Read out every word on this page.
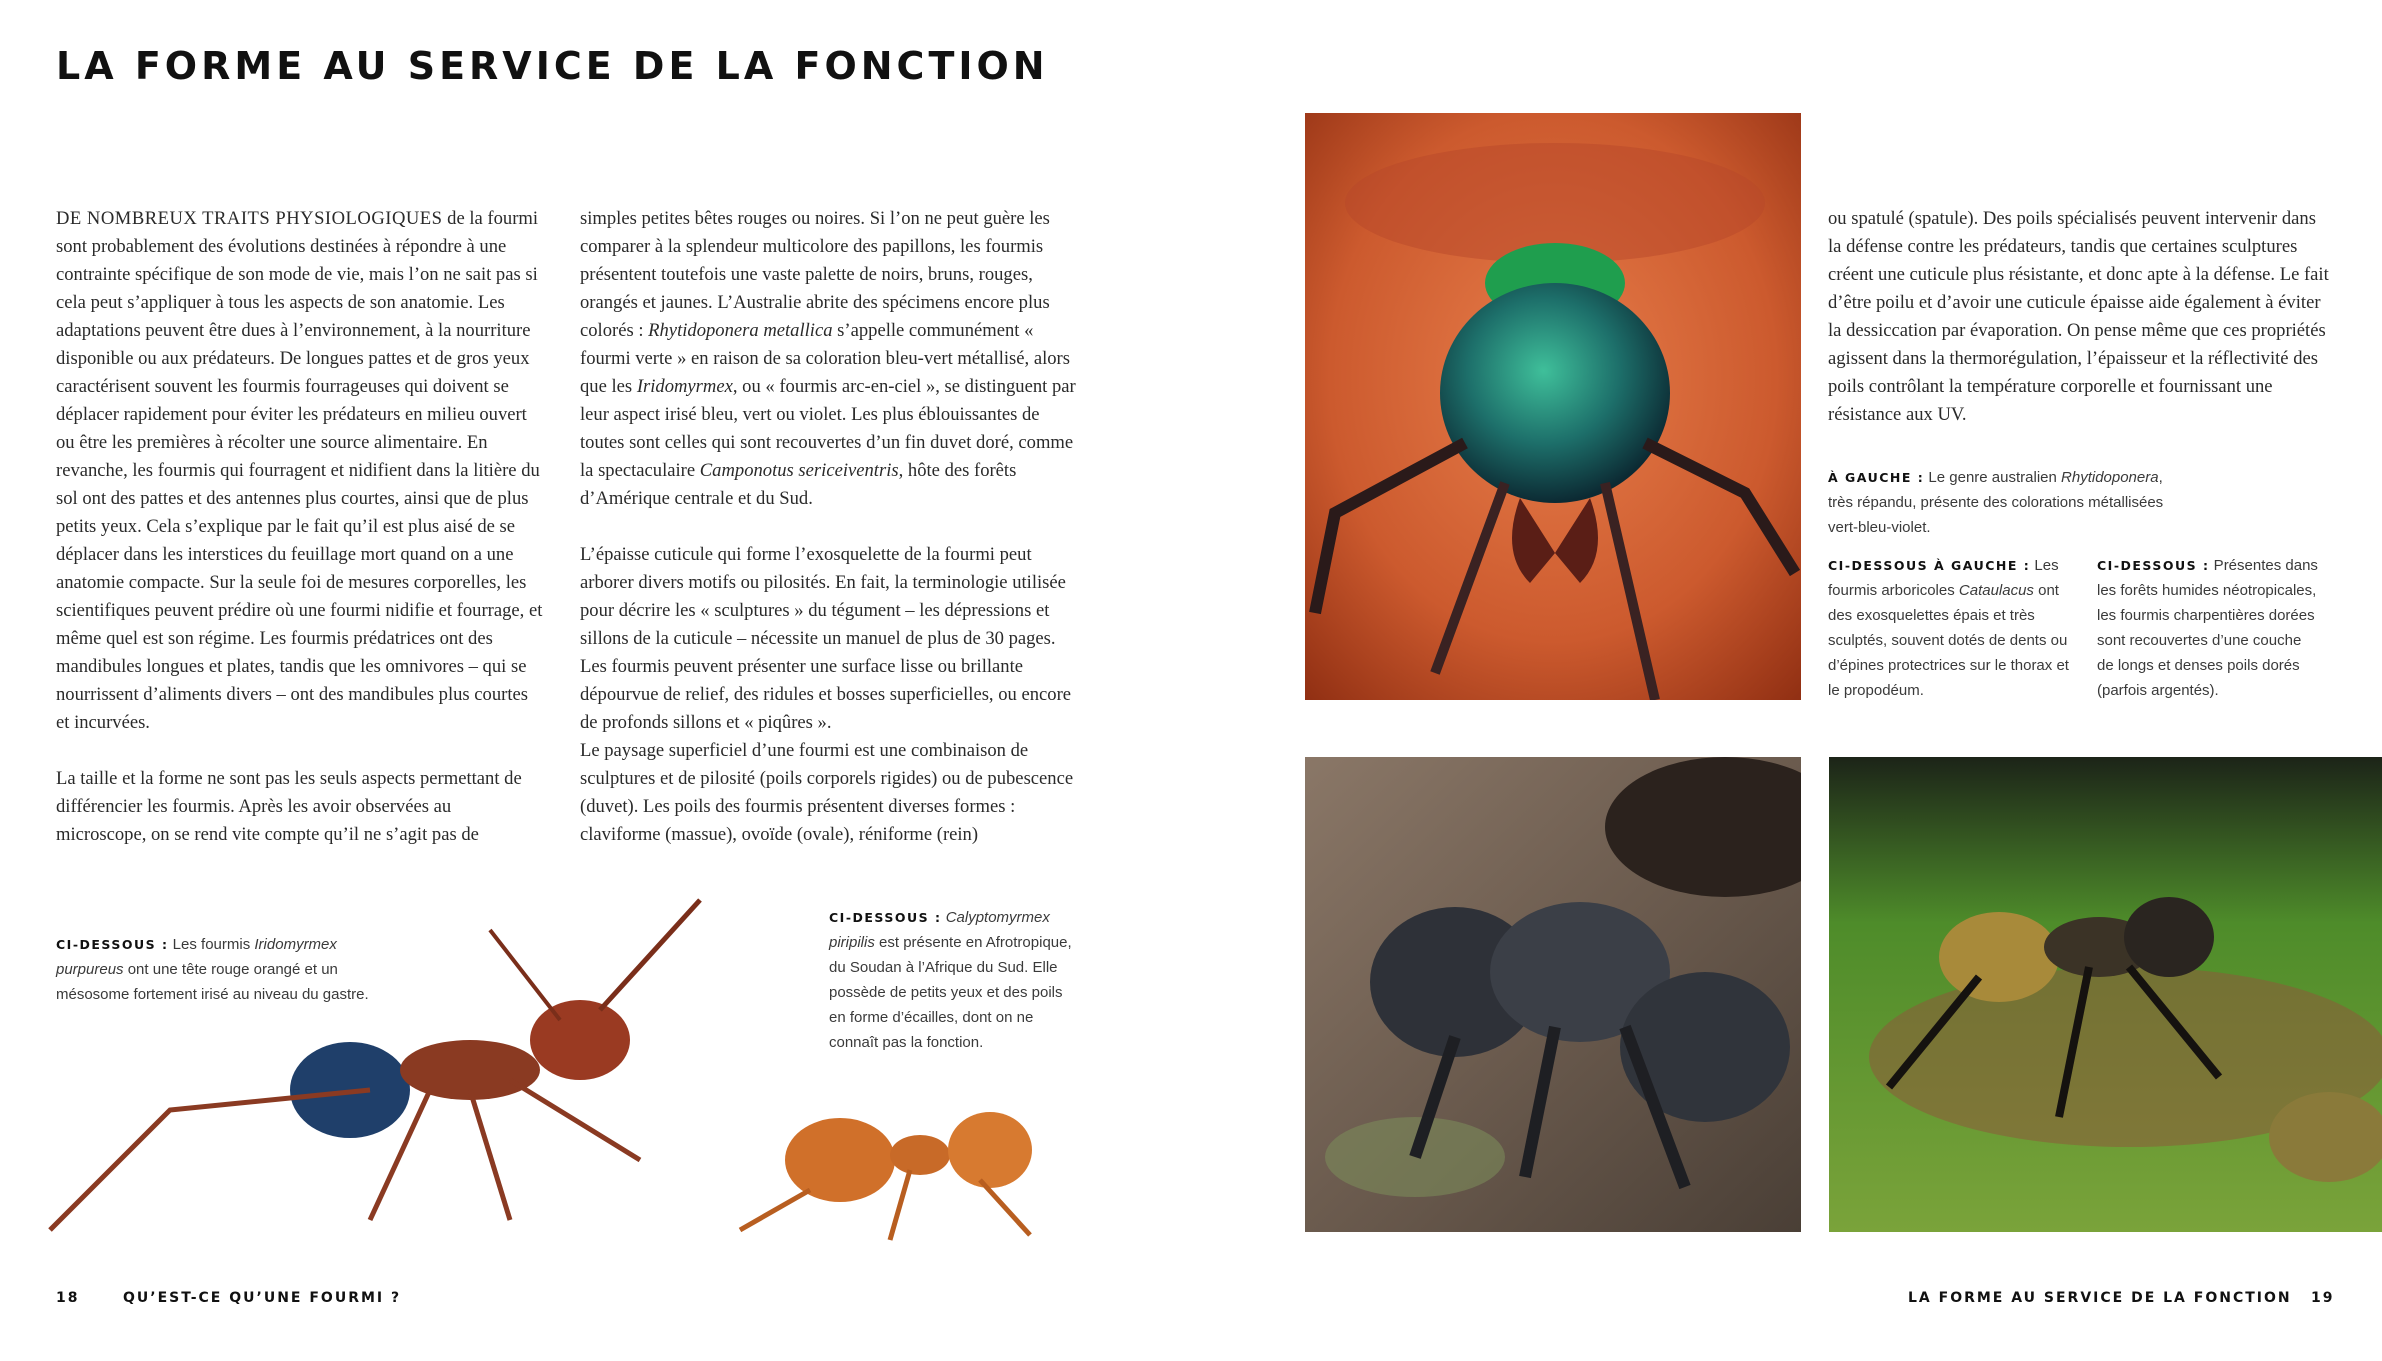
LA FORME AU SERVICE DE LA FONCTION

DE NOMBREUX TRAITS PHYSIOLOGIQUES de la fourmi sont probablement des évolutions destinées à répondre à une contrainte spécifique de son mode de vie, mais l’on ne sait pas si cela peut s’appliquer à tous les aspects de son anatomie. Les adaptations peuvent être dues à l’environnement, à la nourriture disponible ou aux prédateurs. De longues pattes et de gros yeux caractérisent souvent les fourmis fourrageuses qui doivent se déplacer rapidement pour éviter les prédateurs en milieu ouvert ou être les premières à récolter une source alimentaire. En revanche, les fourmis qui fourragent et nidifient dans la litière du sol ont des pattes et des antennes plus courtes, ainsi que de plus petits yeux. Cela s’explique par le fait qu’il est plus aisé de se déplacer dans les interstices du feuillage mort quand on a une anatomie compacte. Sur la seule foi de mesures corporelles, les scientifiques peuvent prédire où une fourmi nidifie et fourrage, et même quel est son régime. Les fourmis prédatrices ont des mandibules longues et plates, tandis que les omnivores – qui se nourrissent d’aliments divers – ont des mandibules plus courtes et incurvées.

La taille et la forme ne sont pas les seuls aspects permettant de différencier les fourmis. Après les avoir observées au microscope, on se rend vite compte qu’il ne s’agit pas de

simples petites bêtes rouges ou noires. Si l’on ne peut guère les comparer à la splendeur multicolore des papillons, les fourmis présentent toutefois une vaste palette de noirs, bruns, rouges, orangés et jaunes. L’Australie abrite des spécimens encore plus colorés : Rhytidoponera metallica s’appelle communément « fourmi verte » en raison de sa coloration bleu-vert métallisé, alors que les Iridomyrmex, ou « fourmis arc-en-ciel », se distinguent par leur aspect irisé bleu, vert ou violet. Les plus éblouissantes de toutes sont celles qui sont recouvertes d’un fin duvet doré, comme la spectaculaire Camponotus sericeiventris, hôte des forêts d’Amérique centrale et du Sud.

L’épaisse cuticule qui forme l’exosquelette de la fourmi peut arborer divers motifs ou pilosités. En fait, la terminologie utilisée pour décrire les « sculptures » du tégument – les dépressions et sillons de la cuticule – nécessite un manuel de plus de 30 pages. Les fourmis peuvent présenter une surface lisse ou brillante dépourvue de relief, des ridules et bosses superficielles, ou encore de profonds sillons et « piqûres ».

Le paysage superficiel d’une fourmi est une combinaison de sculptures et de pilosité (poils corporels rigides) ou de pubescence (duvet). Les poils des fourmis présentent diverses formes : claviforme (massue), ovoïde (ovale), réniforme (rein)

ou spatulé (spatule). Des poils spécialisés peuvent intervenir dans la défense contre les prédateurs, tandis que certaines sculptures créent une cuticule plus résistante, et donc apte à la défense. Le fait d’être poilu et d’avoir une cuticule épaisse aide également à éviter la dessiccation par évaporation. On pense même que ces propriétés agissent dans la thermorégulation, l’épaisseur et la réflectivité des poils contrôlant la température corporelle et fournissant une résistance aux UV.

À GAUCHE : Le genre australien Rhytidoponera, très répandu, présente des colorations métallisées vert-bleu-violet.
CI-DESSOUS À GAUCHE : Les fourmis arboricoles Cataulacus ont des exosquelettes épais et très sculptés, souvent dotés de dents ou d’épines protectrices sur le thorax et le propodéum.
CI-DESSOUS : Présentes dans les forêts humides néotropicales, les fourmis charpentières dorées sont recouvertes d’une couche de longs et denses poils dorés (parfois argentés).
CI-DESSOUS : Les fourmis Iridomyrmex purpureus ont une tête rouge orangé et un mésosome fortement irisé au niveau du gastre.
CI-DESSOUS : Calyptomyrmex piripilis est présente en Afrotropique, du Soudan à l’Afrique du Sud. Elle possède de petits yeux et des poils en forme d’écailles, dont on ne connaît pas la fonction.
18	QU’EST-CE QU’UNE FOURMI ?	LA FORME AU SERVICE DE LA FONCTION 19
